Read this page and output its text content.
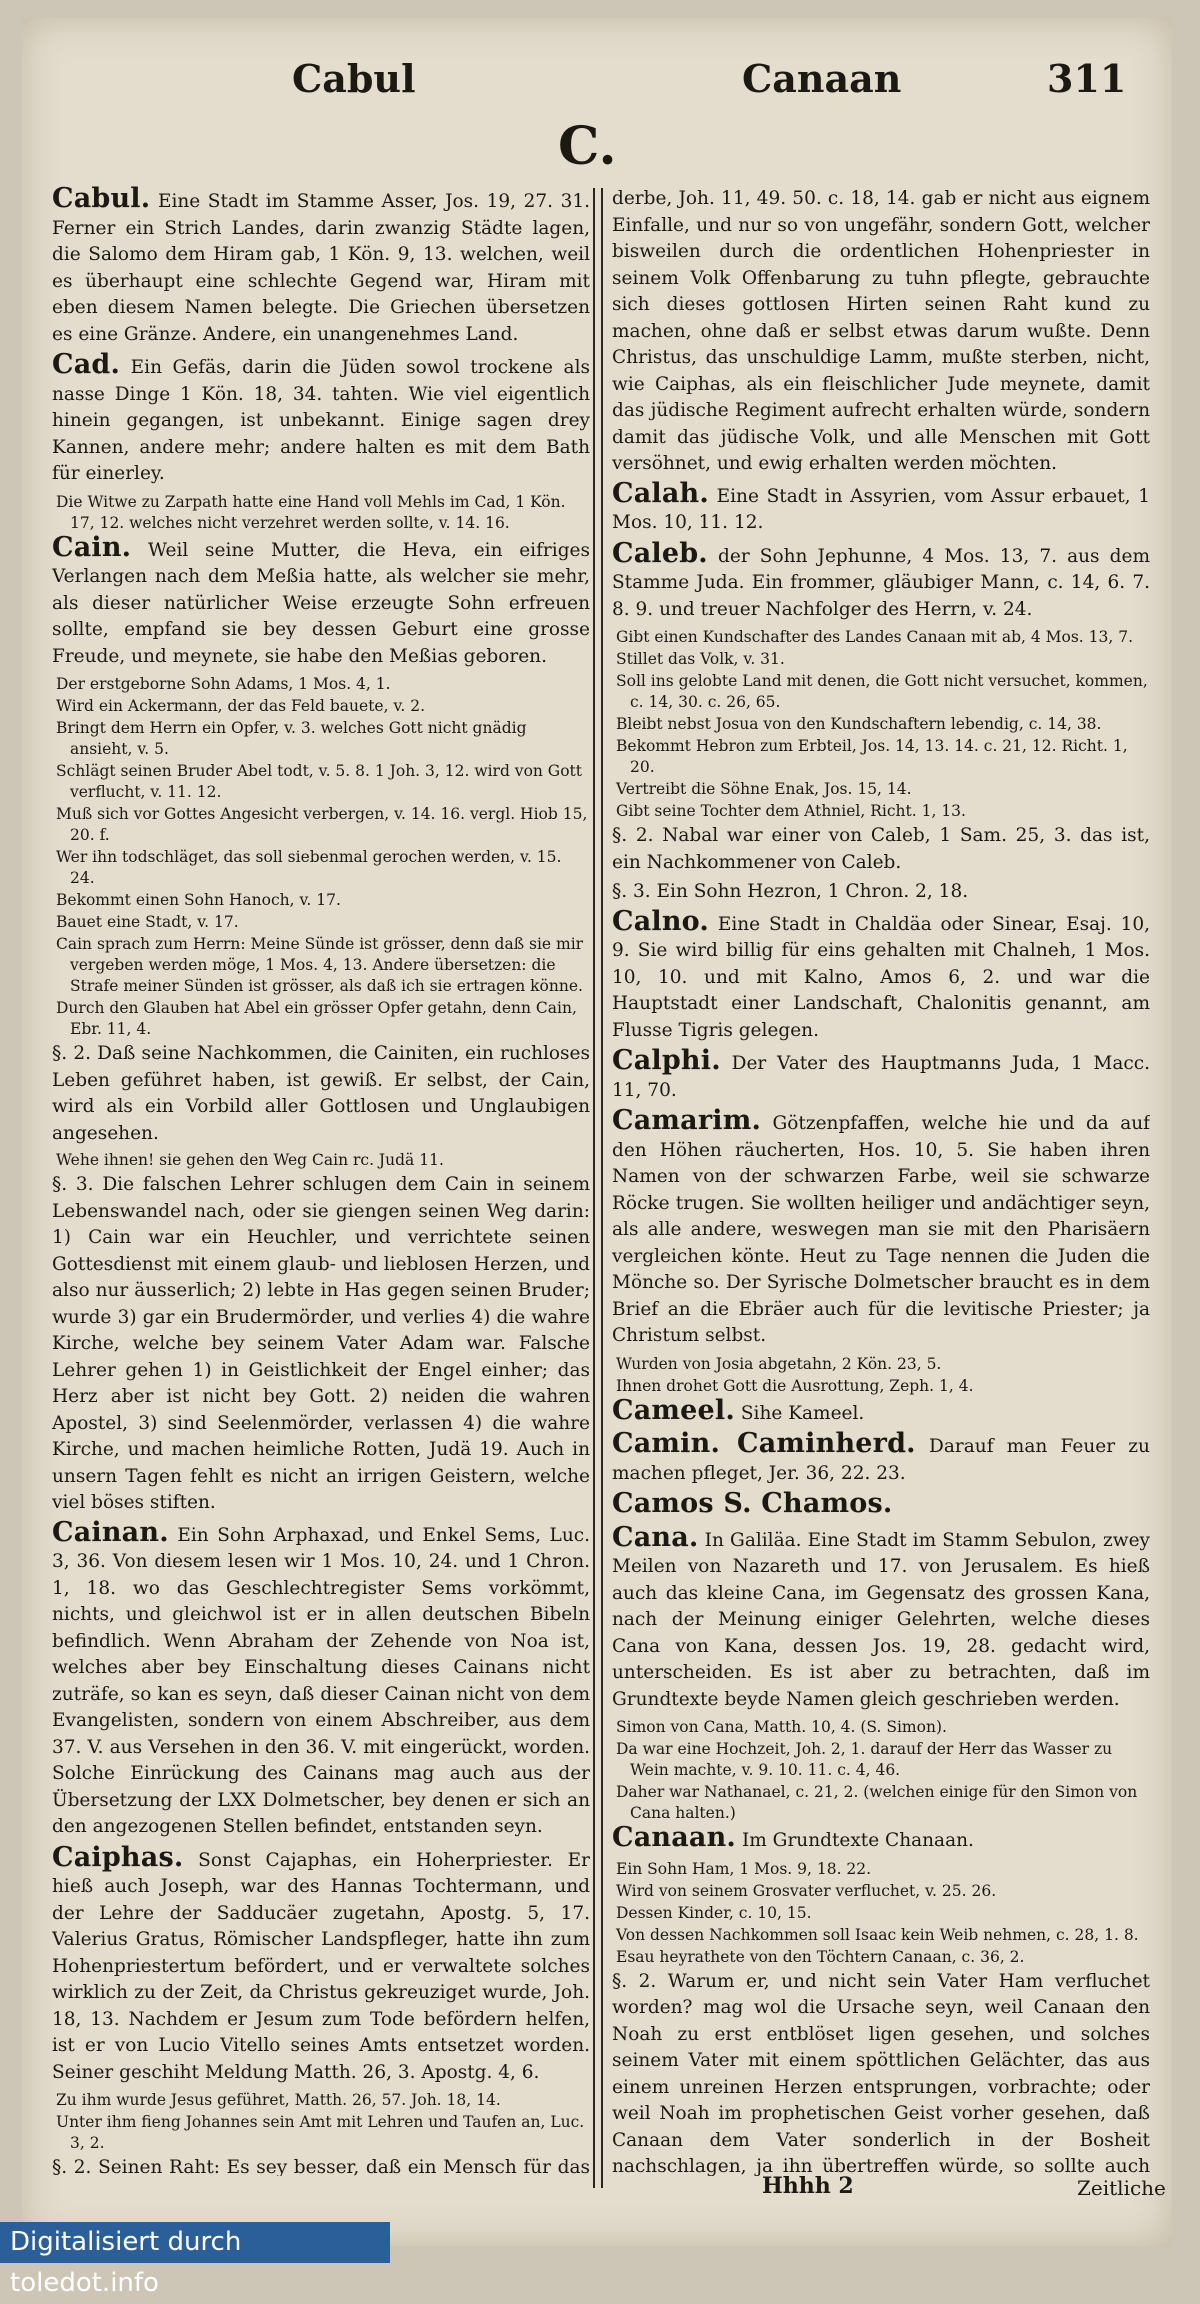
Cabul	Canaan	311
C.

Cabul. Eine Stadt im Stamme Asser, Jos. 19, 27. 31. Ferner ein Strich Landes, darin zwanzig Städte lagen, die Salomo dem Hiram gab, 1 Kön. 9, 13. welchen, weil es überhaupt eine schlechte Gegend war, Hiram mit eben diesem Namen belegte. Die Griechen übersetzen es eine Gränze. Andere, ein unangenehmes Land.

Cad. Ein Gefäs, darin die Jüden sowol trockene als nasse Dinge 1 Kön. 18, 34. tahten. Wie viel eigentlich hinein gegangen, ist unbekannt. Einige sagen drey Kannen, andere mehr; andere halten es mit dem Bath für einerley.

Die Witwe zu Zarpath hatte eine Hand voll Mehls im Cad, 1 Kön. 17, 12. welches nicht verzehret werden sollte, v. 14. 16.

Cain. Weil seine Mutter, die Heva, ein eifriges Verlangen nach dem Meßia hatte, als welcher sie mehr, als dieser natürlicher Weise erzeugte Sohn erfreuen sollte, empfand sie bey dessen Geburt eine grosse Freude, und meynete, sie habe den Meßias geboren.

Der erstgeborne Sohn Adams, 1 Mos. 4, 1.
Wird ein Ackermann, der das Feld bauete, v. 2.
Bringt dem Herrn ein Opfer, v. 3. welches Gott nicht gnädig ansieht, v. 5.
Schlägt seinen Bruder Abel todt, v. 5. 8. 1 Joh. 3, 12. wird von Gott verflucht, v. 11. 12.
Muß sich vor Gottes Angesicht verbergen, v. 14. 16. vergl. Hiob 15, 20. f.
Wer ihn todschläget, das soll siebenmal gerochen werden, v. 15. 24.
Bekommt einen Sohn Hanoch, v. 17.
Bauet eine Stadt, v. 17.
Cain sprach zum Herrn: Meine Sünde ist grösser, denn daß sie mir vergeben werden möge, 1 Mos. 4, 13. Andere übersetzen: die Strafe meiner Sünden ist grösser, als daß ich sie ertragen könne.
Durch den Glauben hat Abel ein grösser Opfer getahn, denn Cain, Ebr. 11, 4.

§. 2. Daß seine Nachkommen, die Cainiten, ein ruchloses Leben geführet haben, ist gewiß. Er selbst, der Cain, wird als ein Vorbild aller Gottlosen und Unglaubigen angesehen.

Wehe ihnen! sie gehen den Weg Cain rc. Judä 11.

§. 3. Die falschen Lehrer schlugen dem Cain in seinem Lebenswandel nach, oder sie giengen seinen Weg darin: 1) Cain war ein Heuchler, und verrichtete seinen Gottesdienst mit einem glaub- und lieblosen Herzen, und also nur äusserlich; 2) lebte in Has gegen seinen Bruder; wurde 3) gar ein Brudermörder, und verlies 4) die wahre Kirche, welche bey seinem Vater Adam war. Falsche Lehrer gehen 1) in Geistlichkeit der Engel einher; das Herz aber ist nicht bey Gott. 2) neiden die wahren Apostel, 3) sind Seelenmörder, verlassen 4) die wahre Kirche, und machen heimliche Rotten, Judä 19. Auch in unsern Tagen fehlt es nicht an irrigen Geistern, welche viel böses stiften.

Cainan. Ein Sohn Arphaxad, und Enkel Sems, Luc. 3, 36. Von diesem lesen wir 1 Mos. 10, 24. und 1 Chron. 1, 18. wo das Geschlechtregister Sems vorkömmt, nichts, und gleichwol ist er in allen deutschen Bibeln befindlich. Wenn Abraham der Zehende von Noa ist, welches aber bey Einschaltung dieses Cainans nicht zuträfe, so kan es seyn, daß dieser Cainan nicht von dem Evangelisten, sondern von einem Abschreiber, aus dem 37. V. aus Versehen in den 36. V. mit eingerückt, worden. Solche Einrückung des Cainans mag auch aus der Übersetzung der LXX Dolmetscher, bey denen er sich an den angezogenen Stellen befindet, entstanden seyn.

Caiphas. Sonst Cajaphas, ein Hoherpriester. Er hieß auch Joseph, war des Hannas Tochtermann, und der Lehre der Sadducäer zugetahn, Apostg. 5, 17. Valerius Gratus, Römischer Landspfleger, hatte ihn zum Hohenpriestertum befördert, und er verwaltete solches wirklich zu der Zeit, da Christus gekreuziget wurde, Joh. 18, 13. Nachdem er Jesum zum Tode befördern helfen, ist er von Lucio Vitello seines Amts entsetzet worden. Seiner geschiht Meldung Matth. 26, 3. Apostg. 4, 6.

Zu ihm wurde Jesus geführet, Matth. 26, 57. Joh. 18, 14.
Unter ihm fieng Johannes sein Amt mit Lehren und Taufen an, Luc. 3, 2.

§. 2. Seinen Raht: Es sey besser, daß ein Mensch für das

derbe, Joh. 11, 49. 50. c. 18, 14. gab er nicht aus eignem Einfalle, und nur so von ungefähr, sondern Gott, welcher bisweilen durch die ordentlichen Hohenpriester in seinem Volk Offenbarung zu tuhn pflegte, gebrauchte sich dieses gottlosen Hirten seinen Raht kund zu machen, ohne daß er selbst etwas darum wußte. Denn Christus, das unschuldige Lamm, mußte sterben, nicht, wie Caiphas, als ein fleischlicher Jude meynete, damit das jüdische Regiment aufrecht erhalten würde, sondern damit das jüdische Volk, und alle Menschen mit Gott versöhnet, und ewig erhalten werden möchten.

Calah. Eine Stadt in Assyrien, vom Assur erbauet, 1 Mos. 10, 11. 12.

Caleb. der Sohn Jephunne, 4 Mos. 13, 7. aus dem Stamme Juda. Ein frommer, gläubiger Mann, c. 14, 6. 7. 8. 9. und treuer Nachfolger des Herrn, v. 24.

Gibt einen Kundschafter des Landes Canaan mit ab, 4 Mos. 13, 7.
Stillet das Volk, v. 31.
Soll ins gelobte Land mit denen, die Gott nicht versuchet, kommen, c. 14, 30. c. 26, 65.
Bleibt nebst Josua von den Kundschaftern lebendig, c. 14, 38.
Bekommt Hebron zum Erbteil, Jos. 14, 13. 14. c. 21, 12. Richt. 1, 20.
Vertreibt die Söhne Enak, Jos. 15, 14.
Gibt seine Tochter dem Athniel, Richt. 1, 13.

§. 2. Nabal war einer von Caleb, 1 Sam. 25, 3. das ist, ein Nachkommener von Caleb.

§. 3. Ein Sohn Hezron, 1 Chron. 2, 18.

Calno. Eine Stadt in Chaldäa oder Sinear, Esaj. 10, 9. Sie wird billig für eins gehalten mit Chalneh, 1 Mos. 10, 10. und mit Kalno, Amos 6, 2. und war die Hauptstadt einer Landschaft, Chalonitis genannt, am Flusse Tigris gelegen.

Calphi. Der Vater des Hauptmanns Juda, 1 Macc. 11, 70.

Camarim. Götzenpfaffen, welche hie und da auf den Höhen räucherten, Hos. 10, 5. Sie haben ihren Namen von der schwarzen Farbe, weil sie schwarze Röcke trugen. Sie wollten heiliger und andächtiger seyn, als alle andere, weswegen man sie mit den Pharisäern vergleichen könte. Heut zu Tage nennen die Juden die Mönche so. Der Syrische Dolmetscher braucht es in dem Brief an die Ebräer auch für die levitische Priester; ja Christum selbst.

Wurden von Josia abgetahn, 2 Kön. 23, 5.
Ihnen drohet Gott die Ausrottung, Zeph. 1, 4.

Cameel. Sihe Kameel.

Camin. Caminherd. Darauf man Feuer zu machen pfleget, Jer. 36, 22. 23.

Camos S. Chamos.

Cana. In Galiläa. Eine Stadt im Stamm Sebulon, zwey Meilen von Nazareth und 17. von Jerusalem. Es hieß auch das kleine Cana, im Gegensatz des grossen Kana, nach der Meinung einiger Gelehrten, welche dieses Cana von Kana, dessen Jos. 19, 28. gedacht wird, unterscheiden. Es ist aber zu betrachten, daß im Grundtexte beyde Namen gleich geschrieben werden.

Simon von Cana, Matth. 10, 4. (S. Simon).
Da war eine Hochzeit, Joh. 2, 1. darauf der Herr das Wasser zu Wein machte, v. 9. 10. 11. c. 4, 46.
Daher war Nathanael, c. 21, 2. (welchen einige für den Simon von Cana halten.)

Canaan. Im Grundtexte Chanaan.

Ein Sohn Ham, 1 Mos. 9, 18. 22.
Wird von seinem Grosvater verfluchet, v. 25. 26.
Dessen Kinder, c. 10, 15.
Von dessen Nachkommen soll Isaac kein Weib nehmen, c. 28, 1. 8.
Esau heyrathete von den Töchtern Canaan, c. 36, 2.

§. 2. Warum er, und nicht sein Vater Ham verfluchet worden? mag wol die Ursache seyn, weil Canaan den Noah zu erst entblöset ligen gesehen, und solches seinem Vater mit einem spöttlichen Gelächter, das aus einem unreinen Herzen entsprungen, vorbrachte; oder weil Noah im prophetischen Geist vorher gesehen, daß Canaan dem Vater sonderlich in der Bosheit nachschlagen, ja ihn übertreffen würde, so sollte auch

Hhhh 2	Zeitliche
Digitalisiert durch toledot.info
